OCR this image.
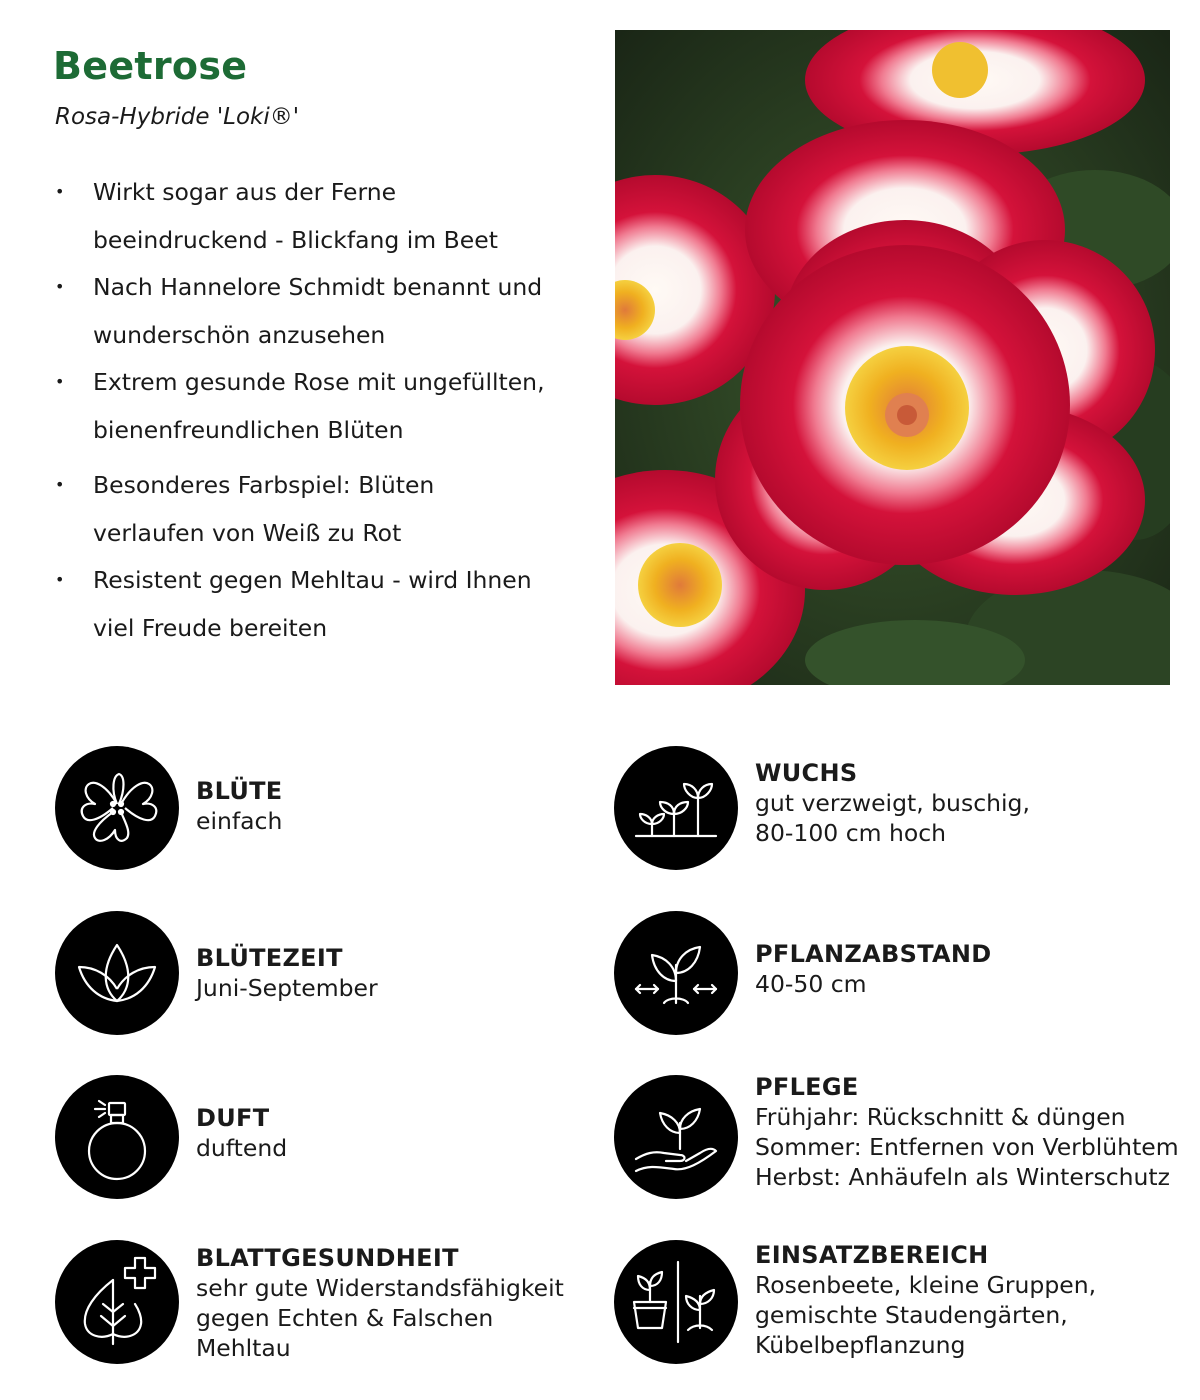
Beetrose
Rosa-Hybride 'Loki®'
• Wirkt sogar aus der Ferne
beeindruckend - Blickfang im Beet
• Nach Hannelore Schmidt benannt und
wunderschön anzusehen
• Extrem gesunde Rose mit ungefüllten,
bienenfreundlichen Blüten
• Besonderes Farbspiel: Blüten
verlaufen von Weiß zu Rot
• Resistent gegen Mehltau - wird Ihnen
viel Freude bereiten
BLÜTE
einfach
WUCHS
gut verzweigt, buschig,
80-100 cm hoch
BLÜTEZEIT
Juni-September
PFLANZABSTAND
40-50 cm
DUFT
duftend
PFLEGE
Frühjahr: Rückschnitt & düngen
Sommer: Entfernen von Verblühtem
Herbst: Anhäufeln als Winterschutz
BLATTGESUNDHEIT
sehr gute Widerstandsfähigkeit
gegen Echten & Falschen
Mehltau
EINSATZBEREICH
Rosenbeete, kleine Gruppen,
gemischte Staudengärten,
Kübelbepflanzung
